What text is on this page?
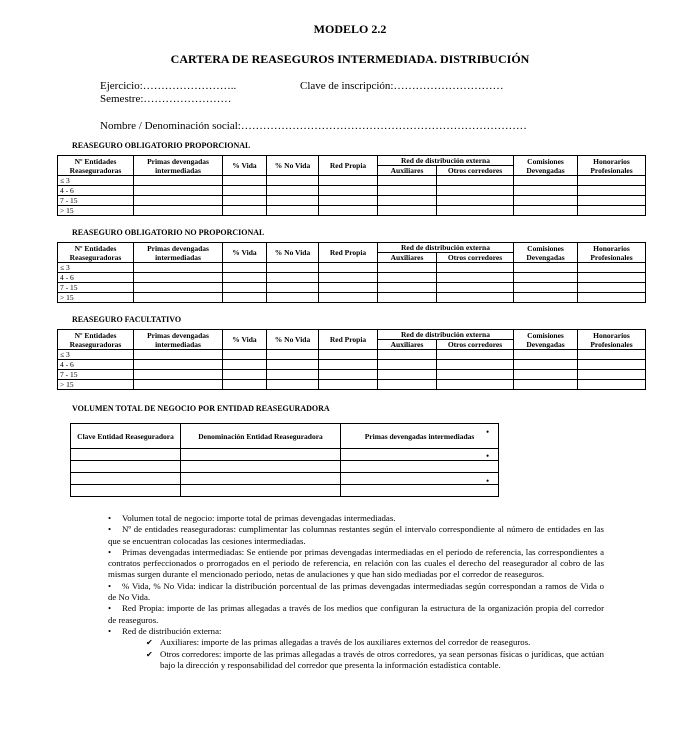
MODELO 2.2
CARTERA DE REASEGUROS INTERMEDIADA. DISTRIBUCIÓN
Ejercicio:……………………..	Clave de inscripción:…………………………
Semestre:……………………
Nombre / Denominación social:……………………………………………………………………
REASEGURO OBLIGATORIO PROPORCIONAL
Nº Entidades Reaseguradoras	Primas devengadas intermediadas	% Vida	% No Vida	Red Propia	Red de distribución externa		Comisiones Devengadas	Honorarios Profesionales
					Auxiliares	Otros corredores		
≤ 3								
4 - 6								
7 - 15								
> 15								
REASEGURO OBLIGATORIO NO PROPORCIONAL
Nº Entidades Reaseguradoras	Primas devengadas intermediadas	% Vida	% No Vida	Red Propia	Red de distribución externa		Comisiones Devengadas	Honorarios Profesionales
					Auxiliares	Otros corredores		
≤ 3								
4 - 6								
7 - 15								
> 15								
REASEGURO FACULTATIVO
Nº Entidades Reaseguradoras	Primas devengadas intermediadas	% Vida	% No Vida	Red Propia	Red de distribución externa		Comisiones Devengadas	Honorarios Profesionales
					Auxiliares	Otros corredores		
≤ 3								
4 - 6								
7 - 15								
> 15								
VOLUMEN TOTAL DE NEGOCIO POR ENTIDAD REASEGURADORA
Clave Entidad Reaseguradora	Denominación Entidad Reaseguradora	Primas devengadas intermediadas

		•
•
•

• Volumen total de negocio: importe total de primas devengadas intermediadas.

• Nº de entidades reaseguradoras: cumplimentar las columnas restantes según el intervalo correspondiente al número de entidades en las que se encuentran colocadas las cesiones intermediadas.

• Primas devengadas intermediadas: Se entiende por primas devengadas intermediadas en el periodo de referencia, las correspondientes a contratos perfeccionados o prorrogados en el periodo de referencia, en relación con las cuales el derecho del reasegurador al cobro de las mismas surgen durante el mencionado periodo, netas de anulaciones y que han sido mediadas por el corredor de reaseguros.

• % Vida, % No Vida: indicar la distribución porcentual de las primas devengadas intermediadas según correspondan a ramos de Vida o de No Vida.

• Red Propia: importe de las primas allegadas a través de los medios que configuran la estructura de la organización propia del corredor de reaseguros.

• Red de distribución externa:

✔ Auxiliares: importe de las primas allegadas a través de los auxiliares externos del corredor de reaseguros.

✔ Otros corredores: importe de las primas allegadas a través de otros corredores, ya sean personas físicas o jurídicas, que actúan bajo la dirección y responsabilidad del corredor que presenta la información estadística contable.
